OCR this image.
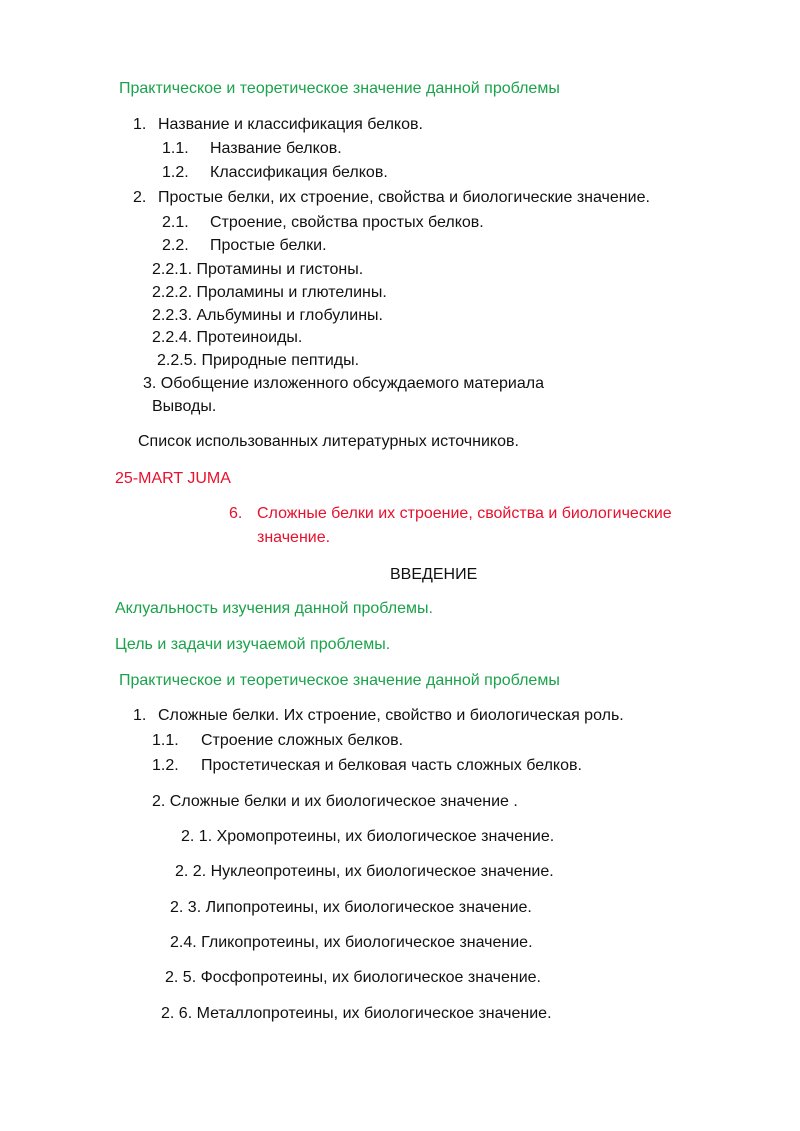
Практическое и теоретическое значение данной проблемы
1. Название и классификация белков.
1.1. Название белков.
1.2. Классификация белков.
2. Простые белки, их строение, свойства и биологические значение.
2.1. Строение, свойства простых белков.
2.2. Простые белки.
2.2.1. Протамины и гистоны.
2.2.2. Проламины и глютелины.
2.2.3. Альбумины и глобулины.
2.2.4. Протеиноиды.
2.2.5. Природные пептиды.
3. Обобщение изложенного обсуждаемого материала
Выводы.
Список использованных литературных источников.
25-MART JUMA
6. Сложные белки их строение, свойства и биологические
значение.
ВВЕДЕНИЕ
Аклуальность изучения данной проблемы.
Цель и задачи изучаемой проблемы.
Практическое и теоретическое значение данной проблемы
1. Сложные белки. Их строение, свойство и биологическая роль.
1.1. Строение сложных белков.
1.2. Простетическая и белковая часть сложных белков.
2. Сложные белки и их биологическое значение .
2. 1. Хромопротеины, их биологическое значение.
2. 2. Нуклеопротеины, их биологическое значение.
2. 3. Липопротеины, их биологическое значение.
2.4. Гликопротеины, их биологическое значение.
2. 5. Фосфопротеины, их биологическое значение.
2. 6. Металлопротеины, их биологическое значение.
